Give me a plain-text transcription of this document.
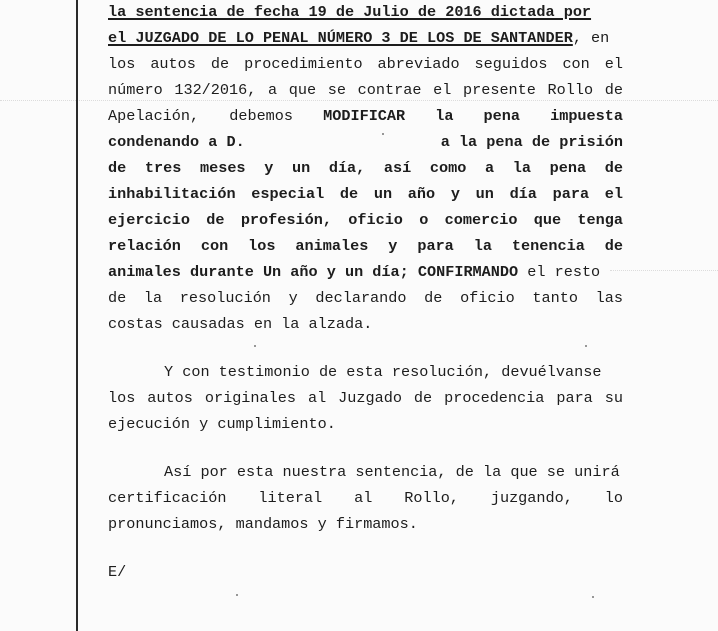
la sentencia de fecha 19 de Julio de 2016 dictada por
el JUZGADO DE LO PENAL NÚMERO 3 DE LOS DE SANTANDER, en
los autos de procedimiento abreviado seguidos con el
número 132/2016, a que se contrae el presente Rollo de
Apelación, debemos MODIFICAR la pena impuesta
condenando a D.	a la pena de prisión
de tres meses y un día, así como a la pena de
inhabilitación especial de un año y un día para el
ejercicio de profesión, oficio o comercio que tenga
relación con los animales y para la tenencia de
animales durante Un año y un día; CONFIRMANDO el resto
de la resolución y declarando de oficio tanto las
costas causadas en la alzada.
Y con testimonio de esta resolución, devuélvanse
los autos originales al Juzgado de procedencia para su
ejecución y cumplimiento.
Así por esta nuestra sentencia, de la que se unirá
certificación literal al Rollo, juzgando, lo
pronunciamos, mandamos y firmamos.
E/
